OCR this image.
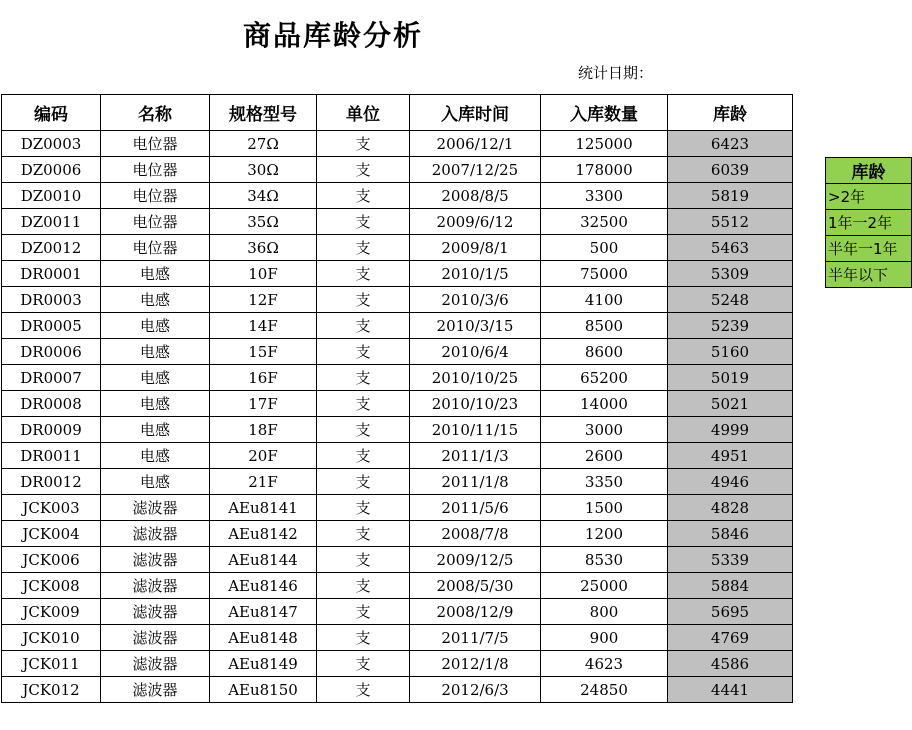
商品库龄分析
统计日期：
编码	名称	规格型号	单位	入库时间	入库数量	库龄
DZ0003	电位器	27Ω	支	2006/12/1	125000	6423
DZ0006	电位器	30Ω	支	2007/12/25	178000	6039
DZ0010	电位器	34Ω	支	2008/8/5	3300	5819
DZ0011	电位器	35Ω	支	2009/6/12	32500	5512
DZ0012	电位器	36Ω	支	2009/8/1	500	5463
DR0001	电感	10F	支	2010/1/5	75000	5309
DR0003	电感	12F	支	2010/3/6	4100	5248
DR0005	电感	14F	支	2010/3/15	8500	5239
DR0006	电感	15F	支	2010/6/4	8600	5160
DR0007	电感	16F	支	2010/10/25	65200	5019
DR0008	电感	17F	支	2010/10/23	14000	5021
DR0009	电感	18F	支	2010/11/15	3000	4999
DR0011	电感	20F	支	2011/1/3	2600	4951
DR0012	电感	21F	支	2011/1/8	3350	4946
JCK003	滤波器	AEu8141	支	2011/5/6	1500	4828
JCK004	滤波器	AEu8142	支	2008/7/8	1200	5846
JCK006	滤波器	AEu8144	支	2009/12/5	8530	5339
JCK008	滤波器	AEu8146	支	2008/5/30	25000	5884
JCK009	滤波器	AEu8147	支	2008/12/9	800	5695
JCK010	滤波器	AEu8148	支	2011/7/5	900	4769
JCK011	滤波器	AEu8149	支	2012/1/8	4623	4586
JCK012	滤波器	AEu8150	支	2012/6/3	24850	4441
库龄
>2年
1年一2年
半年一1年
半年以下
